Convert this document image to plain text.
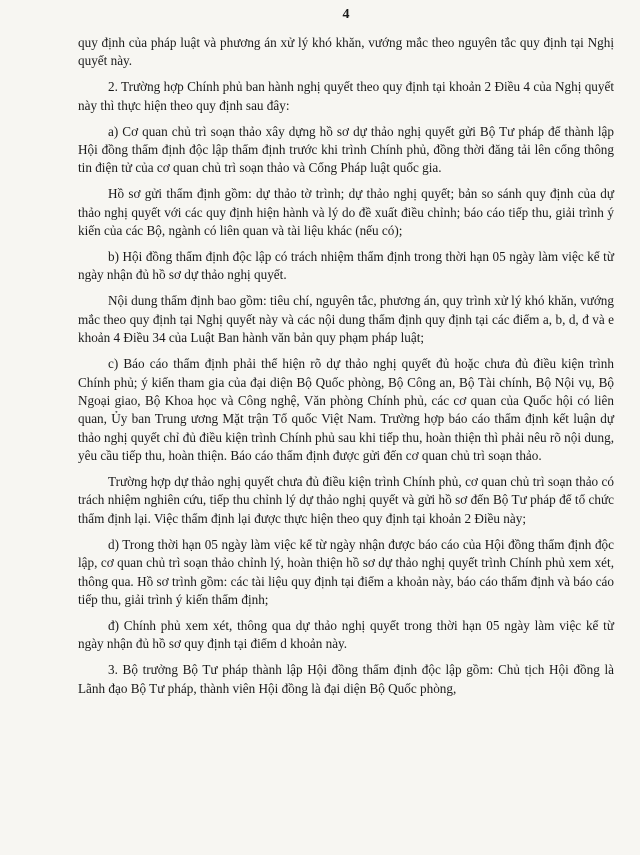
4

quy định của pháp luật và phương án xử lý khó khăn, vướng mắc theo nguyên tắc quy định tại Nghị quyết này.

2. Trường hợp Chính phủ ban hành nghị quyết theo quy định tại khoản 2 Điều 4 của Nghị quyết này thì thực hiện theo quy định sau đây:

a) Cơ quan chủ trì soạn thảo xây dựng hồ sơ dự thảo nghị quyết gửi Bộ Tư pháp để thành lập Hội đồng thẩm định độc lập thẩm định trước khi trình Chính phủ, đồng thời đăng tải lên cổng thông tin điện tử của cơ quan chủ trì soạn thảo và Cổng Pháp luật quốc gia.

Hồ sơ gửi thẩm định gồm: dự thảo tờ trình; dự thảo nghị quyết; bản so sánh quy định của dự thảo nghị quyết với các quy định hiện hành và lý do đề xuất điều chỉnh; báo cáo tiếp thu, giải trình ý kiến của các Bộ, ngành có liên quan và tài liệu khác (nếu có);

b) Hội đồng thẩm định độc lập có trách nhiệm thẩm định trong thời hạn 05 ngày làm việc kể từ ngày nhận đủ hồ sơ dự thảo nghị quyết.

Nội dung thẩm định bao gồm: tiêu chí, nguyên tắc, phương án, quy trình xử lý khó khăn, vướng mắc theo quy định tại Nghị quyết này và các nội dung thẩm định quy định tại các điểm a, b, d, đ và e khoản 4 Điều 34 của Luật Ban hành văn bản quy phạm pháp luật;

c) Báo cáo thẩm định phải thể hiện rõ dự thảo nghị quyết đủ hoặc chưa đủ điều kiện trình Chính phủ; ý kiến tham gia của đại diện Bộ Quốc phòng, Bộ Công an, Bộ Tài chính, Bộ Nội vụ, Bộ Ngoại giao, Bộ Khoa học và Công nghệ, Văn phòng Chính phủ, các cơ quan của Quốc hội có liên quan, Ủy ban Trung ương Mặt trận Tổ quốc Việt Nam. Trường hợp báo cáo thẩm định kết luận dự thảo nghị quyết chỉ đủ điều kiện trình Chính phủ sau khi tiếp thu, hoàn thiện thì phải nêu rõ nội dung, yêu cầu tiếp thu, hoàn thiện. Báo cáo thẩm định được gửi đến cơ quan chủ trì soạn thảo.

Trường hợp dự thảo nghị quyết chưa đủ điều kiện trình Chính phủ, cơ quan chủ trì soạn thảo có trách nhiệm nghiên cứu, tiếp thu chỉnh lý dự thảo nghị quyết và gửi hồ sơ đến Bộ Tư pháp để tổ chức thẩm định lại. Việc thẩm định lại được thực hiện theo quy định tại khoản 2 Điều này;

d) Trong thời hạn 05 ngày làm việc kể từ ngày nhận được báo cáo của Hội đồng thẩm định độc lập, cơ quan chủ trì soạn thảo chỉnh lý, hoàn thiện hồ sơ dự thảo nghị quyết trình Chính phủ xem xét, thông qua. Hồ sơ trình gồm: các tài liệu quy định tại điểm a khoản này, báo cáo thẩm định và báo cáo tiếp thu, giải trình ý kiến thẩm định;

đ) Chính phủ xem xét, thông qua dự thảo nghị quyết trong thời hạn 05 ngày làm việc kể từ ngày nhận đủ hồ sơ quy định tại điểm d khoản này.

3. Bộ trưởng Bộ Tư pháp thành lập Hội đồng thẩm định độc lập gồm: Chủ tịch Hội đồng là Lãnh đạo Bộ Tư pháp, thành viên Hội đồng là đại diện Bộ Quốc phòng,
